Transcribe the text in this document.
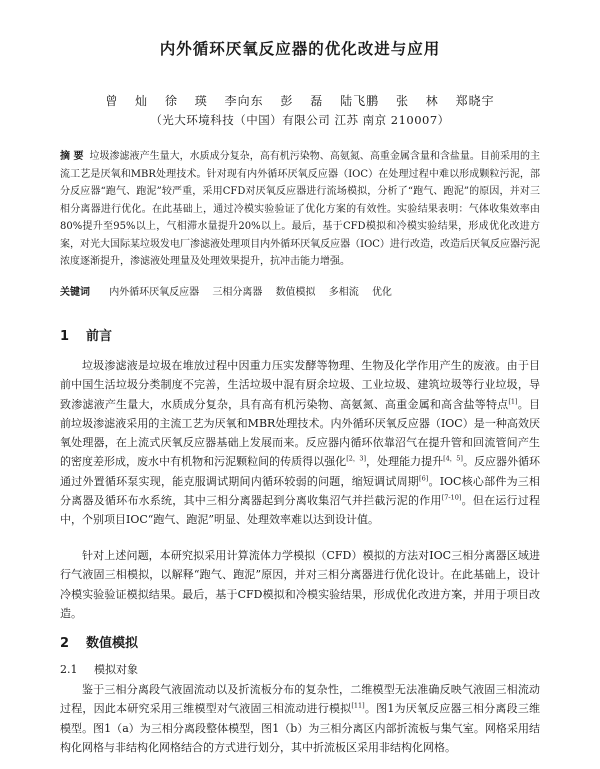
内外循环厌氧反应器的优化改进与应用
曾 灿 徐 瑛 李向东 彭 磊 陆飞鹏 张 林 郑晓宇
（光大环境科技（中国）有限公司 江苏 南京 210007）
摘 要 垃圾渗滤液产生量大，水质成分复杂，高有机污染物、高氨氮、高重金属含量和含盐量。目前采用的主流工艺是厌氧和MBR处理技术。针对现有内外循环厌氧反应器（IOC）在处理过程中难以形成颗粒污泥，部分反应器“跑气、跑泥”较严重，采用CFD对厌氧反应器进行流场模拟，分析了“跑气、跑泥”的原因，并对三相分离器进行优化。在此基础上，通过冷模实验验证了优化方案的有效性。实验结果表明：气体收集效率由80%提升至95%以上，气相滞水量提升20%以上。最后，基于CFD模拟和冷模实验结果，形成优化改进方案，对光大国际某垃圾发电厂渗滤液处理项目内外循环厌氧反应器（IOC）进行改造，改造后厌氧反应器污泥浓度逐渐提升，渗滤液处理量及处理效果提升，抗冲击能力增强。
关键词 内外循环厌氧反应器 三相分离器 数值模拟 多相流 优化
1 前言
垃圾渗滤液是垃圾在堆放过程中因重力压实发酵等物理、生物及化学作用产生的废液。由于目前中国生活垃圾分类制度不完善，生活垃圾中混有厨余垃圾、工业垃圾、建筑垃圾等行业垃圾，导致渗滤液产生量大，水质成分复杂，具有高有机污染物、高氨氮、高重金属和高含盐等特点[1]。目前垃圾渗滤液采用的主流工艺为厌氧和MBR处理技术。内外循环厌氧反应器（IOC）是一种高效厌氧处理器，在上流式厌氧反应器基础上发展而来。反应器内循环依靠沼气在提升管和回流管间产生的密度差形成，废水中有机物和污泥颗粒间的传质得以强化[2，3]，处理能力提升[4，5]。反应器外循环通过外置循环泵实现，能克服调试期间内循环较弱的问题，缩短调试周期[6]。IOC核心部件为三相分离器及循环布水系统，其中三相分离器起到分离收集沼气并拦截污泥的作用[7-10]。但在运行过程中，个别项目IOC“跑气、跑泥”明显、处理效率难以达到设计值。
针对上述问题，本研究拟采用计算流体力学模拟（CFD）模拟的方法对IOC三相分离器区域进行气液固三相模拟，以解释“跑气、跑泥”原因，并对三相分离器进行优化设计。在此基础上，设计冷模实验验证模拟结果。最后，基于CFD模拟和冷模实验结果，形成优化改进方案，并用于项目改造。
2 数值模拟
2.1 模拟对象
鉴于三相分离段气液固流动以及折流板分布的复杂性，二维模型无法准确反映气液固三相流动过程，因此本研究采用三维模型对气液固三相流动进行模拟[11]。图1为厌氧反应器三相分离段三维模型。图1（a）为三相分离段整体模型，图1（b）为三相分离区内部折流板与集气室。网格采用结构化网格与非结构化网格结合的方式进行划分，其中折流板区采用非结构化网格。
